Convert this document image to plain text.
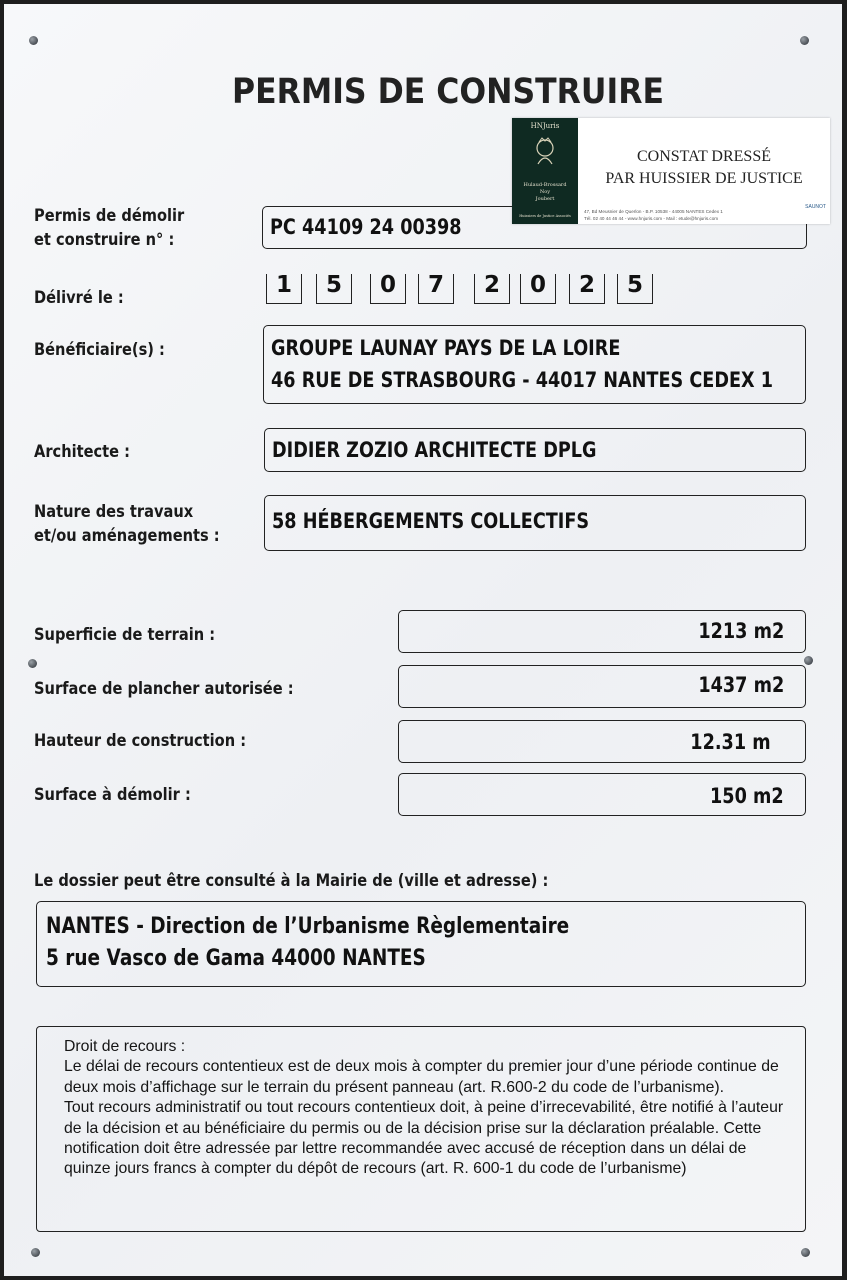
PERMIS DE CONSTRUIRE
Permis de démolir
et construire n° :
PC 44109 24 00398
HNJuris
Hulaud-Brossard
Noy
Joubert
Huissiers de Justice Associés
CONSTAT DRESSÉ
PAR HUISSIER DE JUSTICE
47, Bd Meusnier de Querlon - B.P. 10538 - 44005 NANTES Cedex 1
Tél. 02 40 44 46 44 - www.hnjuris.com - Mail : etude@hnjuris.com
SAUNOT
Délivré le :	1	5	0	7	2	0	2	5
Bénéficiaire(s) :	GROUPE LAUNAY PAYS DE LA LOIRE
46 RUE DE STRASBOURG - 44017 NANTES CEDEX 1
Architecte :	DIDIER ZOZIO ARCHITECTE DPLG
Nature des travaux
et/ou aménagements :
58 HÉBERGEMENTS COLLECTIFS
Superficie de terrain :	1213 m2
Surface de plancher autorisée :	1437 m2
Hauteur de construction :	12.31 m
Surface à démolir :	150 m2
Le dossier peut être consulté à la Mairie de (ville et adresse) :
NANTES - Direction de l’Urbanisme Règlementaire
5 rue Vasco de Gama 44000 NANTES

Droit de recours :

Le délai de recours contentieux est de deux mois à compter du premier jour d’une période continue de deux mois d’affichage sur le terrain du présent panneau (art. R.600-2 du code de l’urbanisme).

Tout recours administratif ou tout recours contentieux doit, à peine d’irrecevabilité, être notifié à l’auteur de la décision et au bénéficiaire du permis ou de la décision prise sur la déclaration préalable. Cette notification doit être adressée par lettre recommandée avec accusé de réception dans un délai de quinze jours francs à compter du dépôt de recours (art. R. 600-1 du code de l’urbanisme)
